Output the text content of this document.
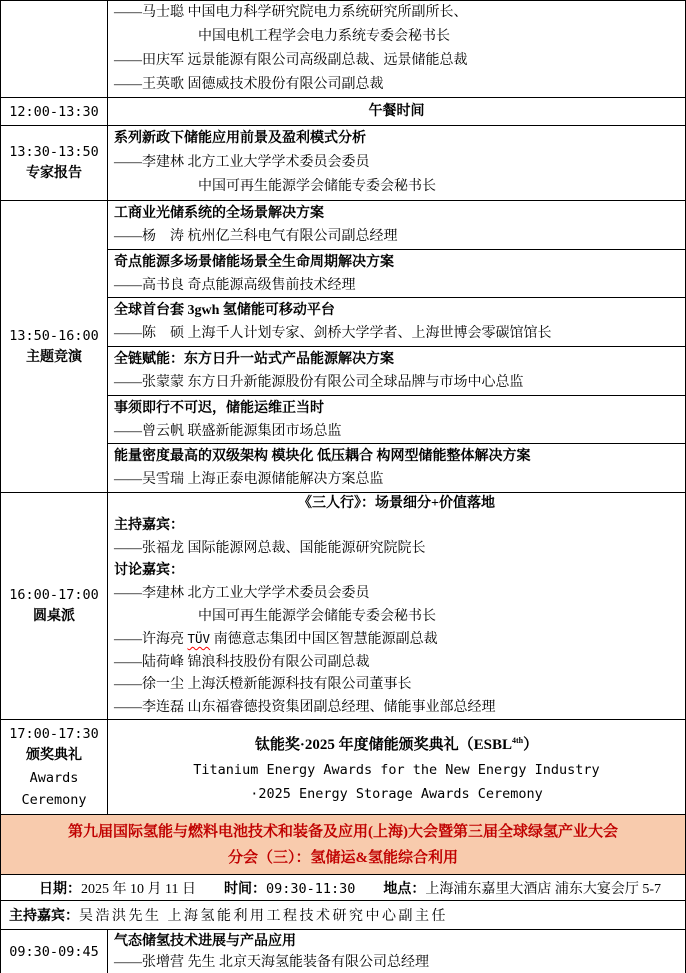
——马士聪 中国电力科学研究院电力系统研究所副所长、
中国电机工程学会电力系统专委会秘书长
——田庆军 远景能源有限公司高级副总裁、远景储能总裁
——王英歌 固德威技术股份有限公司副总裁
12:00-13:30	午餐时间
13:30-13:50
专家报告
系列新政下储能应用前景及盈利模式分析
——李建林 北方工业大学学术委员会委员
中国可再生能源学会储能专委会秘书长
13:50-16:00
主题竞演
工商业光储系统的全场景解决方案
——杨　涛 杭州亿兰科电气有限公司副总经理
奇点能源多场景储能场景全生命周期解决方案
——高书良 奇点能源高级售前技术经理
全球首台套 3gwh 氢储能可移动平台
——陈　硕 上海千人计划专家、剑桥大学学者、上海世博会零碳馆馆长
全链赋能：东方日升一站式产品能源解决方案
——张蒙蒙 东方日升新能源股份有限公司全球品牌与市场中心总监
事须即行不可迟，储能运维正当时
——曾云帆 联盛新能源集团市场总监
能量密度最高的双级架构 模块化 低压耦合 构网型储能整体解决方案
——吴雪瑞 上海正泰电源储能解决方案总监
16:00-17:00
圆桌派
《三人行》：场景细分+价值落地
主持嘉宾：
——张福龙 国际能源网总裁、国能能源研究院院长
讨论嘉宾：
——李建林 北方工业大学学术委员会委员
中国可再生能源学会储能专委会秘书长
——许海亮 TÜV 南德意志集团中国区智慧能源副总裁
——陆荷峰 锦浪科技股份有限公司副总裁
——徐一尘 上海沃橙新能源科技有限公司董事长
——李连磊 山东福睿德投资集团副总经理、储能事业部总经理
17:00-17:30
颁奖典礼
Awards
Ceremony
钛能奖·2025 年度储能颁奖典礼$(ESBL^{4th})$
Titanium Energy Awards for the New Energy Industry
·2025 Energy Storage Awards Ceremony
第九届国际氢能与燃料电池技术和装备及应用(上海)大会暨第三届全球绿氢产业大会
分会（三）：氢储运&氢能综合利用
日期：2025 年 10 月 11 日 时间：09:30-11:30 地点：上海浦东嘉里大酒店 浦东大宴会厅 5-7
主持嘉宾： 吴浩洪先生 上海氢能利用工程技术研究中心副主任
09:30-09:45
气态储氢技术进展与产品应用
——张增营 先生 北京天海氢能装备有限公司总经理
